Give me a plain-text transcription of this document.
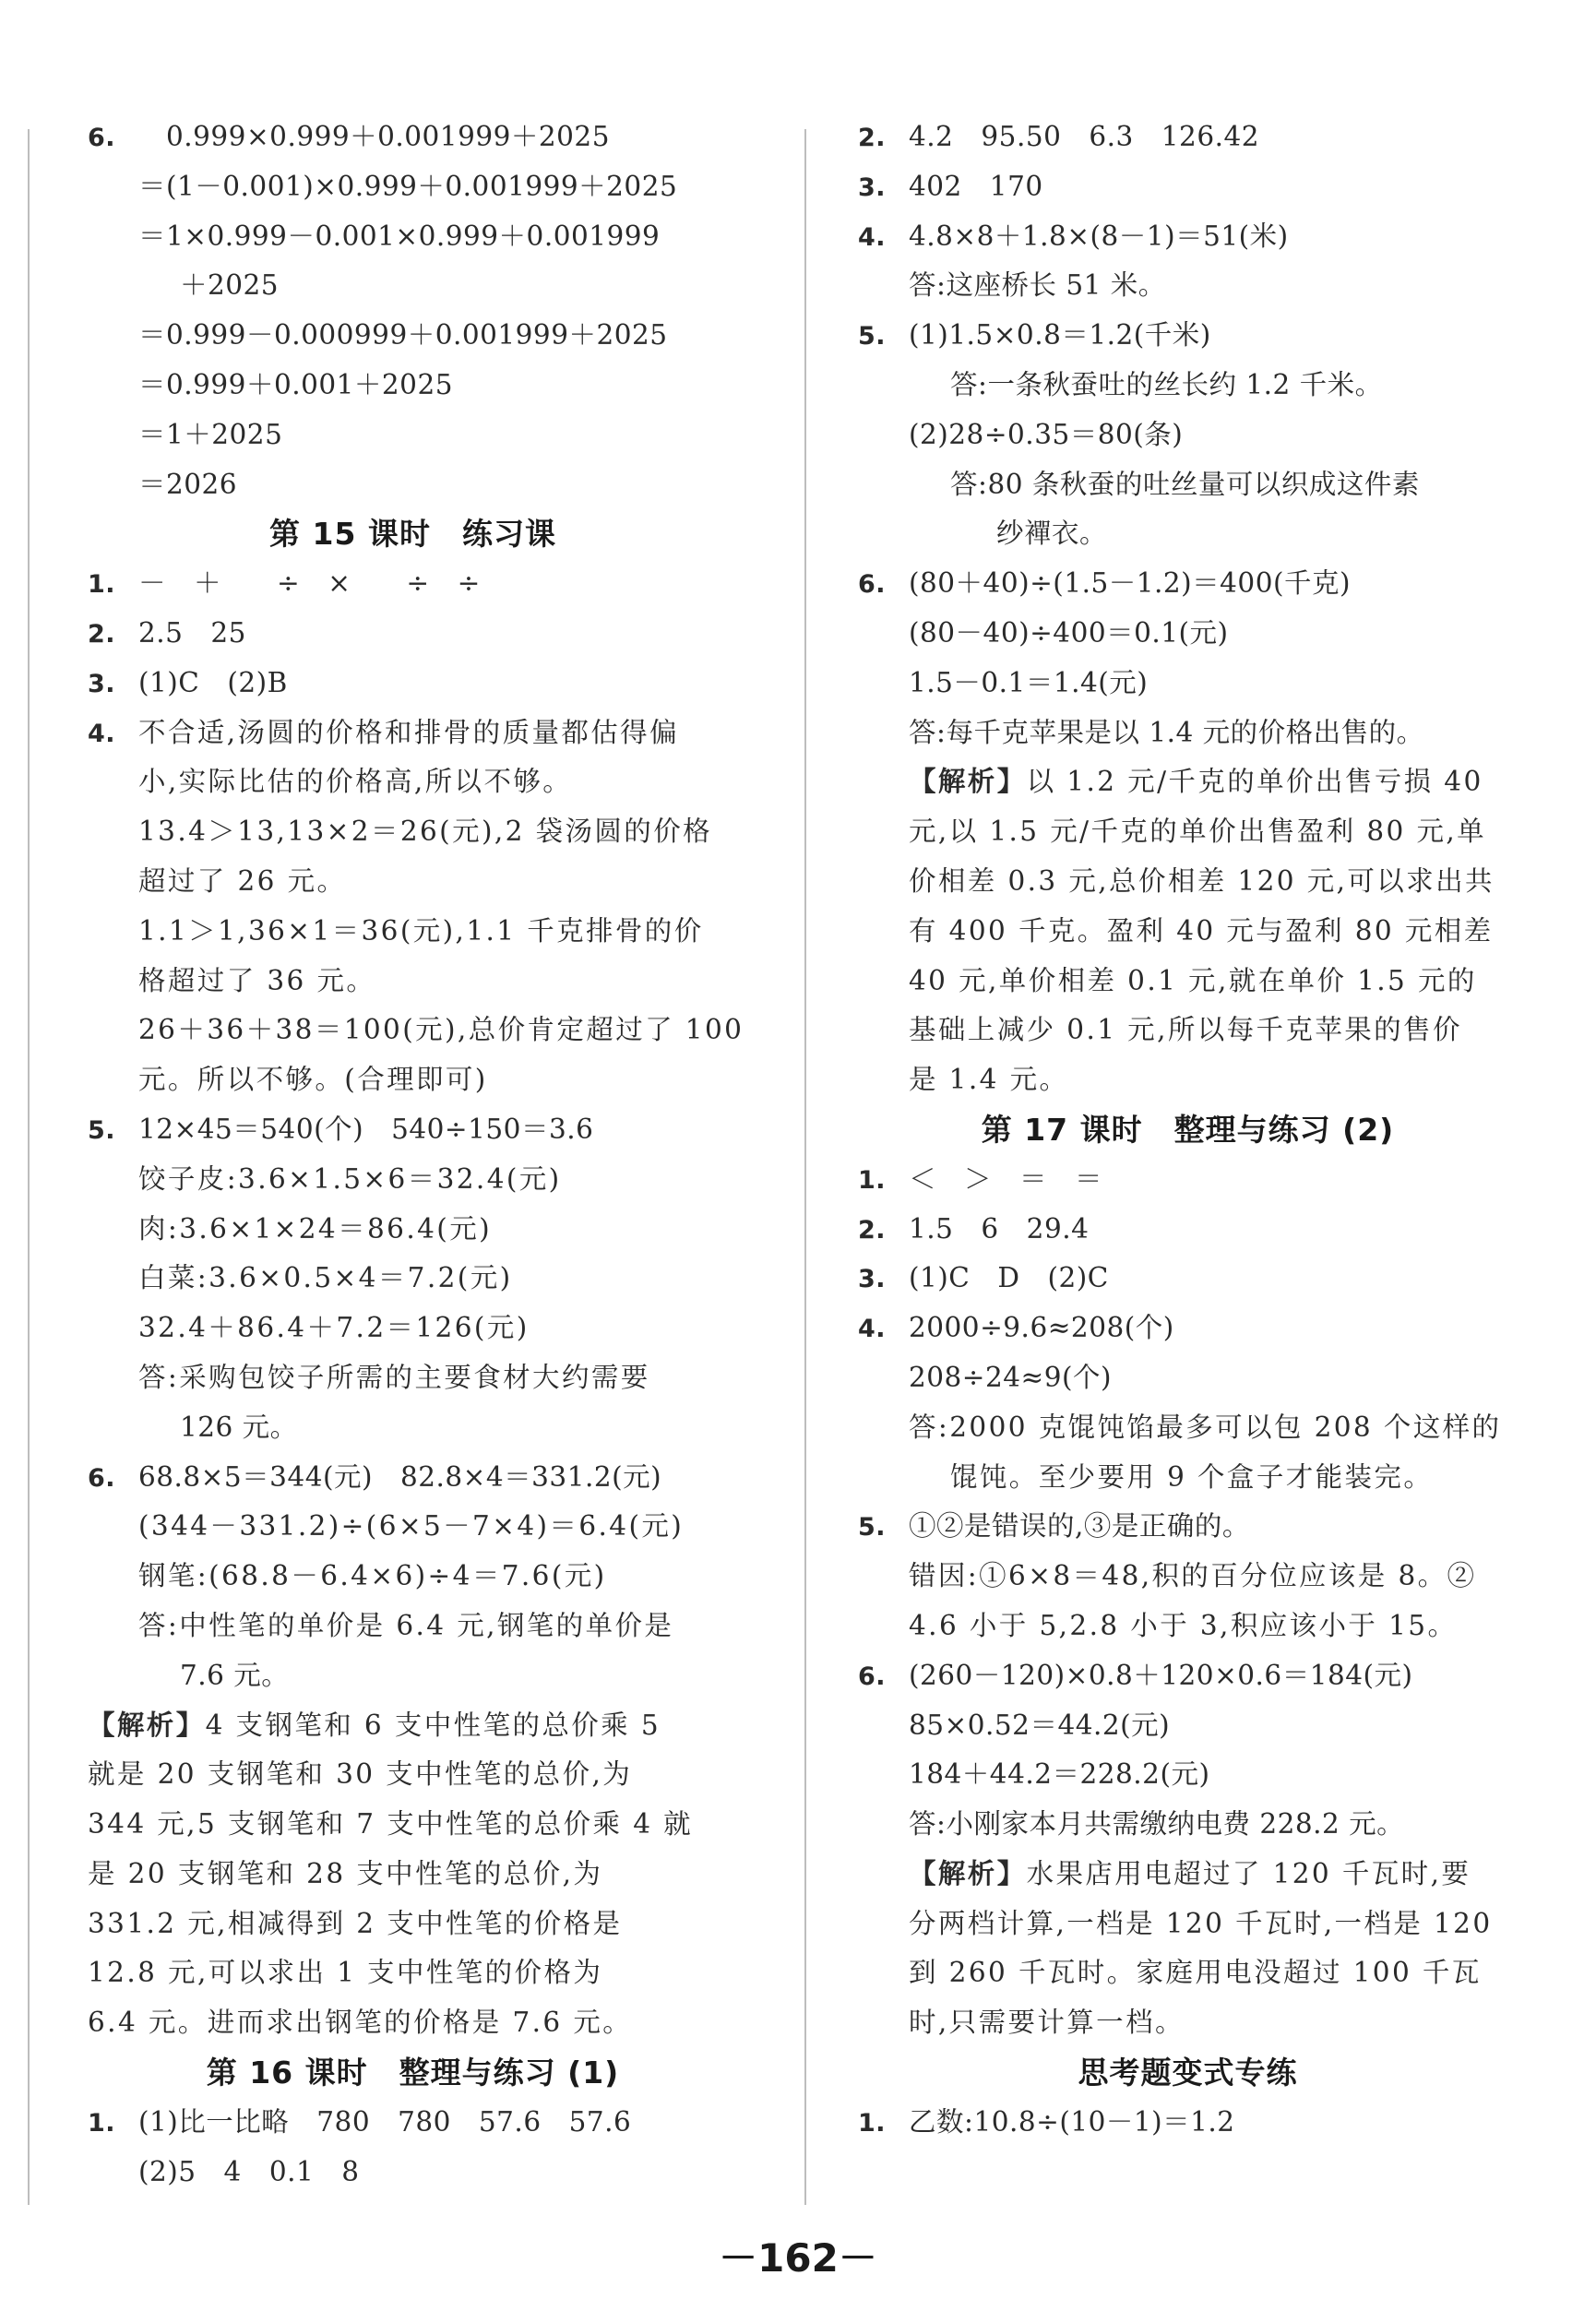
6. 0.999×0.999＋0.001999＋2025
＝(1－0.001)×0.999＋0.001999＋2025
＝1×0.999－0.001×0.999＋0.001999
＋2025
＝0.999－0.000999＋0.001999＋2025
＝0.999＋0.001＋2025
＝1＋2025
＝2026
第 15 课时　练习课
1. －　＋　　÷　×　　÷　÷
2. 2.5　25
3. (1)C　(2)B
4. 不合适,汤圆的价格和排骨的质量都估得偏
小,实际比估的价格高,所以不够。
13.4＞13,13×2＝26(元),2 袋汤圆的价格
超过了 26 元。
1.1＞1,36×1＝36(元),1.1 千克排骨的价
格超过了 36 元。
26＋36＋38＝100(元),总价肯定超过了 100
元。所以不够。(合理即可)
5. 12×45＝540(个)　540÷150＝3.6
饺子皮:3.6×1.5×6＝32.4(元)
肉:3.6×1×24＝86.4(元)
白菜:3.6×0.5×4＝7.2(元)
32.4＋86.4＋7.2＝126(元)
答:采购包饺子所需的主要食材大约需要
126 元。
6. 68.8×5＝344(元)　82.8×4＝331.2(元)
(344－331.2)÷(6×5－7×4)＝6.4(元)
钢笔:(68.8－6.4×6)÷4＝7.6(元)
答:中性笔的单价是 6.4 元,钢笔的单价是
7.6 元。
【解析】4 支钢笔和 6 支中性笔的总价乘 5
就是 20 支钢笔和 30 支中性笔的总价,为
344 元,5 支钢笔和 7 支中性笔的总价乘 4 就
是 20 支钢笔和 28 支中性笔的总价,为
331.2 元,相减得到 2 支中性笔的价格是
12.8 元,可以求出 1 支中性笔的价格为
6.4 元。进而求出钢笔的价格是 7.6 元。
第 16 课时　整理与练习 (1)
1. (1)比一比略　780　780　57.6　57.6
(2)5　4　0.1　8
2. 4.2　95.50　6.3　126.42
3. 402　170
4. 4.8×8＋1.8×(8－1)＝51(米)
答:这座桥长 51 米。
5. (1)1.5×0.8＝1.2(千米)
答:一条秋蚕吐的丝长约 1.2 千米。
(2)28÷0.35＝80(条)
答:80 条秋蚕的吐丝量可以织成这件素
纱襌衣。
6. (80＋40)÷(1.5－1.2)＝400(千克)
(80－40)÷400＝0.1(元)
1.5－0.1＝1.4(元)
答:每千克苹果是以 1.4 元的价格出售的。
【解析】以 1.2 元/千克的单价出售亏损 40
元,以 1.5 元/千克的单价出售盈利 80 元,单
价相差 0.3 元,总价相差 120 元,可以求出共
有 400 千克。盈利 40 元与盈利 80 元相差
40 元,单价相差 0.1 元,就在单价 1.5 元的
基础上减少 0.1 元,所以每千克苹果的售价
是 1.4 元。
第 17 课时　整理与练习 (2)
1. ＜　＞　＝　＝
2. 1.5　6　29.4
3. (1)C　D　(2)C
4. 2000÷9.6≈208(个)
208÷24≈9(个)
答:2000 克馄饨馅最多可以包 208 个这样的
馄饨。至少要用 9 个盒子才能装完。
5. ①②是错误的,③是正确的。
错因:①6×8＝48,积的百分位应该是 8。②
4.6 小于 5,2.8 小于 3,积应该小于 15。
6. (260－120)×0.8＋120×0.6＝184(元)
85×0.52＝44.2(元)
184＋44.2＝228.2(元)
答:小刚家本月共需缴纳电费 228.2 元。
【解析】水果店用电超过了 120 千瓦时,要
分两档计算,一档是 120 千瓦时,一档是 120
到 260 千瓦时。家庭用电没超过 100 千瓦
时,只需要计算一档。
思考题变式专练
1. 乙数:10.8÷(10－1)＝1.2
－162－
